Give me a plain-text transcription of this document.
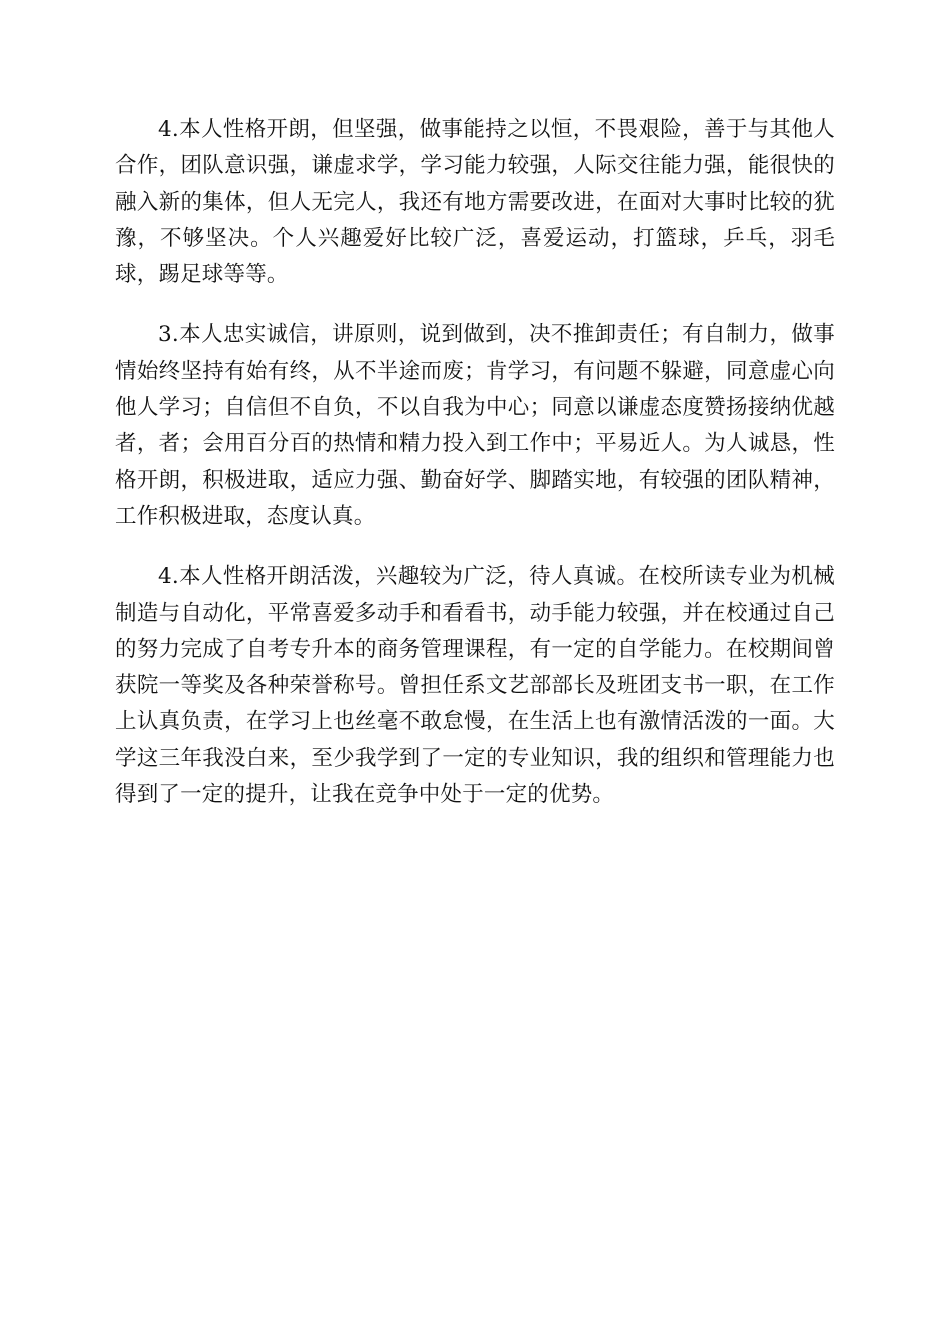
4.本人性格开朗，但坚强，做事能持之以恒，不畏艰险，善于与其他人合作，团队意识强，谦虚求学，学习能力较强，人际交往能力强，能很快的融入新的集体，但人无完人，我还有地方需要改进，在面对大事时比较的犹豫，不够坚决。个人兴趣爱好比较广泛，喜爱运动，打篮球，乒乓，羽毛球，踢足球等等。

3.本人忠实诚信，讲原则，说到做到，决不推卸责任；有自制力，做事情始终坚持有始有终，从不半途而废；肯学习，有问题不躲避，同意虚心向他人学习；自信但不自负，不以自我为中心；同意以谦虚态度赞扬接纳优越者，者；会用百分百的热情和精力投入到工作中；平易近人。为人诚恳，性格开朗，积极进取，适应力强、勤奋好学、脚踏实地，有较强的团队精神，工作积极进取，态度认真。

4.本人性格开朗活泼，兴趣较为广泛，待人真诚。在校所读专业为机械制造与自动化，平常喜爱多动手和看看书，动手能力较强，并在校通过自己的努力完成了自考专升本的商务管理课程，有一定的自学能力。在校期间曾获院一等奖及各种荣誉称号。曾担任系文艺部部长及班团支书一职，在工作上认真负责，在学习上也丝毫不敢怠慢，在生活上也有激情活泼的一面。大学这三年我没白来，至少我学到了一定的专业知识，我的组织和管理能力也得到了一定的提升，让我在竞争中处于一定的优势。
